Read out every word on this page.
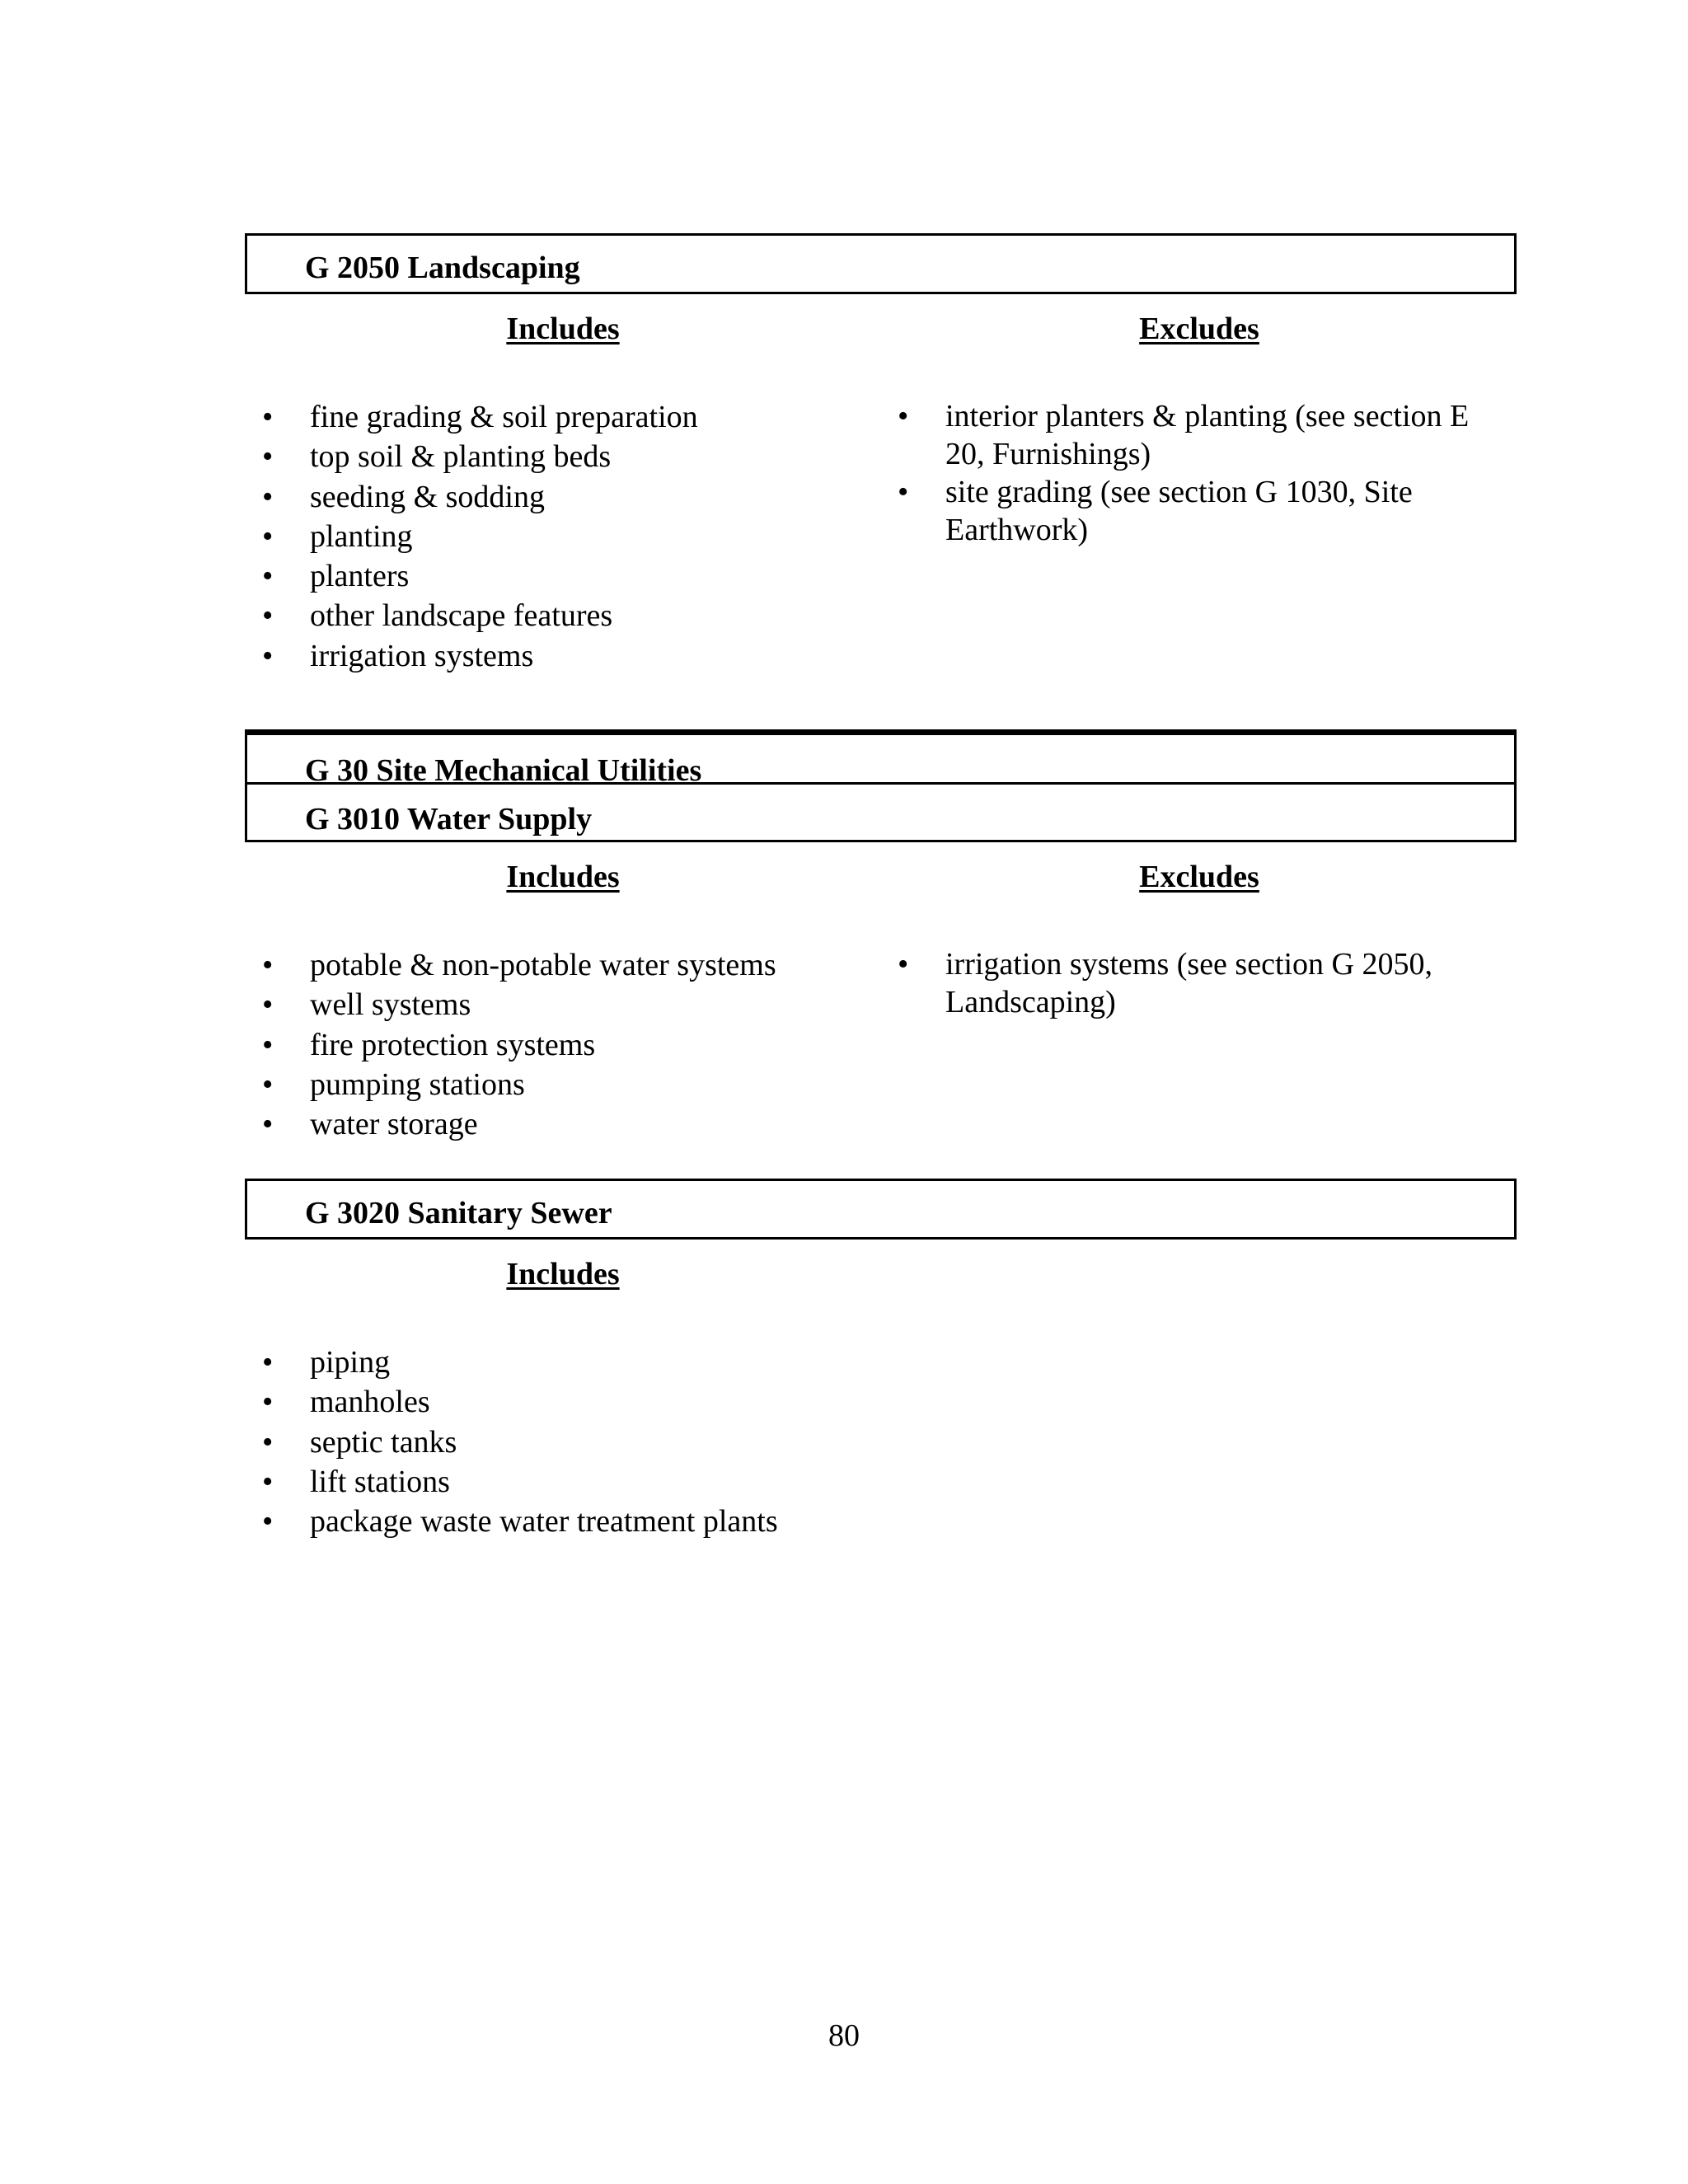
G 2050 Landscaping
Includes	Excludes
• fine grading & soil preparation
• top soil & planting beds
• seeding & sodding
• planting
• planters
• other landscape features
• irrigation systems
• interior planters & planting (see section E 20, Furnishings)
• site grading (see section G 1030, Site Earthwork)
G 30 Site Mechanical Utilities
G 3010 Water Supply
Includes	Excludes
• potable & non-potable water systems
• well systems
• fire protection systems
• pumping stations
• water storage
• irrigation systems (see section G 2050, Landscaping)
G 3020 Sanitary Sewer
Includes
• piping
• manholes
• septic tanks
• lift stations
• package waste water treatment plants
80
